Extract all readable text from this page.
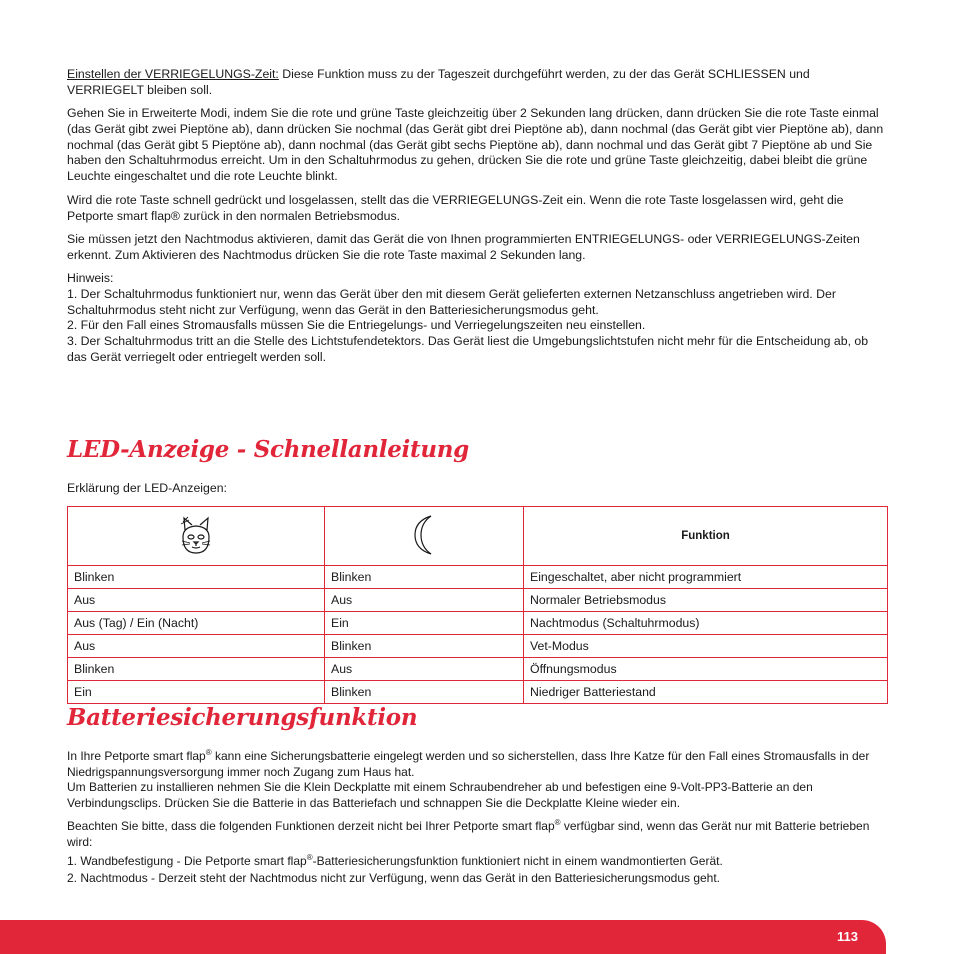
Einstellen der VERRIEGELUNGS-Zeit: Diese Funktion muss zu der Tageszeit durchgeführt werden, zu der das Gerät SCHLIESSEN und VERRIEGELT bleiben soll.

Gehen Sie in Erweiterte Modi, indem Sie die rote und grüne Taste gleichzeitig über 2 Sekunden lang drücken, dann drücken Sie die rote Taste einmal (das Gerät gibt zwei Pieptöne ab), dann drücken Sie nochmal (das Gerät gibt drei Pieptöne ab), dann nochmal (das Gerät gibt vier Pieptöne ab), dann nochmal (das Gerät gibt 5 Pieptöne ab), dann nochmal (das Gerät gibt sechs Pieptöne ab), dann nochmal und das Gerät gibt 7 Pieptöne ab und Sie haben den Schaltuhrmodus erreicht. Um in den Schaltuhrmodus zu gehen, drücken Sie die rote und grüne Taste gleichzeitig, dabei bleibt die grüne Leuchte eingeschaltet und die rote Leuchte blinkt.

Wird die rote Taste schnell gedrückt und losgelassen, stellt das die VERRIEGELUNGS-Zeit ein. Wenn die rote Taste losgelassen wird, geht die Petporte smart flap® zurück in den normalen Betriebsmodus.

Sie müssen jetzt den Nachtmodus aktivieren, damit das Gerät die von Ihnen programmierten ENTRIEGELUNGS- oder VERRIEGELUNGS-Zeiten erkennt. Zum Aktivieren des Nachtmodus drücken Sie die rote Taste maximal 2 Sekunden lang.

Hinweis:
1. Der Schaltuhrmodus funktioniert nur, wenn das Gerät über den mit diesem Gerät gelieferten externen Netzanschluss angetrieben wird. Der Schaltuhrmodus steht nicht zur Verfügung, wenn das Gerät in den Batteriesicherungsmodus geht.
2. Für den Fall eines Stromausfalls müssen Sie die Entriegelungs- und Verriegelungszeiten neu einstellen.
3. Der Schaltuhrmodus tritt an die Stelle des Lichtstufendetektors. Das Gerät liest die Umgebungslichtstufen nicht mehr für die Entscheidung ab, ob das Gerät verriegelt oder entriegelt werden soll.
LED-Anzeige - Schnellanleitung

Erklärung der LED-Anzeigen:

		Funktion
Blinken	Blinken	Eingeschaltet, aber nicht programmiert
Aus	Aus	Normaler Betriebsmodus
Aus (Tag) / Ein (Nacht)	Ein	Nachtmodus (Schaltuhrmodus)
Aus	Blinken	Vet-Modus
Blinken	Aus	Öffnungsmodus
Ein	Blinken	Niedriger Batteriestand
Batteriesicherungsfunktion

In Ihre Petporte smart flap® kann eine Sicherungsbatterie eingelegt werden und so sicherstellen, dass Ihre Katze für den Fall eines Stromausfalls in der Niedrigspannungsversorgung immer noch Zugang zum Haus hat.

Um Batterien zu installieren nehmen Sie die Klein Deckplatte mit einem Schraubendreher ab und befestigen eine 9-Volt-PP3-Batterie an den Verbindungsclips. Drücken Sie die Batterie in das Batteriefach und schnappen Sie die Deckplatte Kleine wieder ein.

Beachten Sie bitte, dass die folgenden Funktionen derzeit nicht bei Ihrer Petporte smart flap® verfügbar sind, wenn das Gerät nur mit Batterie betrieben wird:

1. Wandbefestigung - Die Petporte smart flap®-Batteriesicherungsfunktion funktioniert nicht in einem wandmontierten Gerät.

2. Nachtmodus - Derzeit steht der Nachtmodus nicht zur Verfügung, wenn das Gerät in den Batteriesicherungsmodus geht.

113
